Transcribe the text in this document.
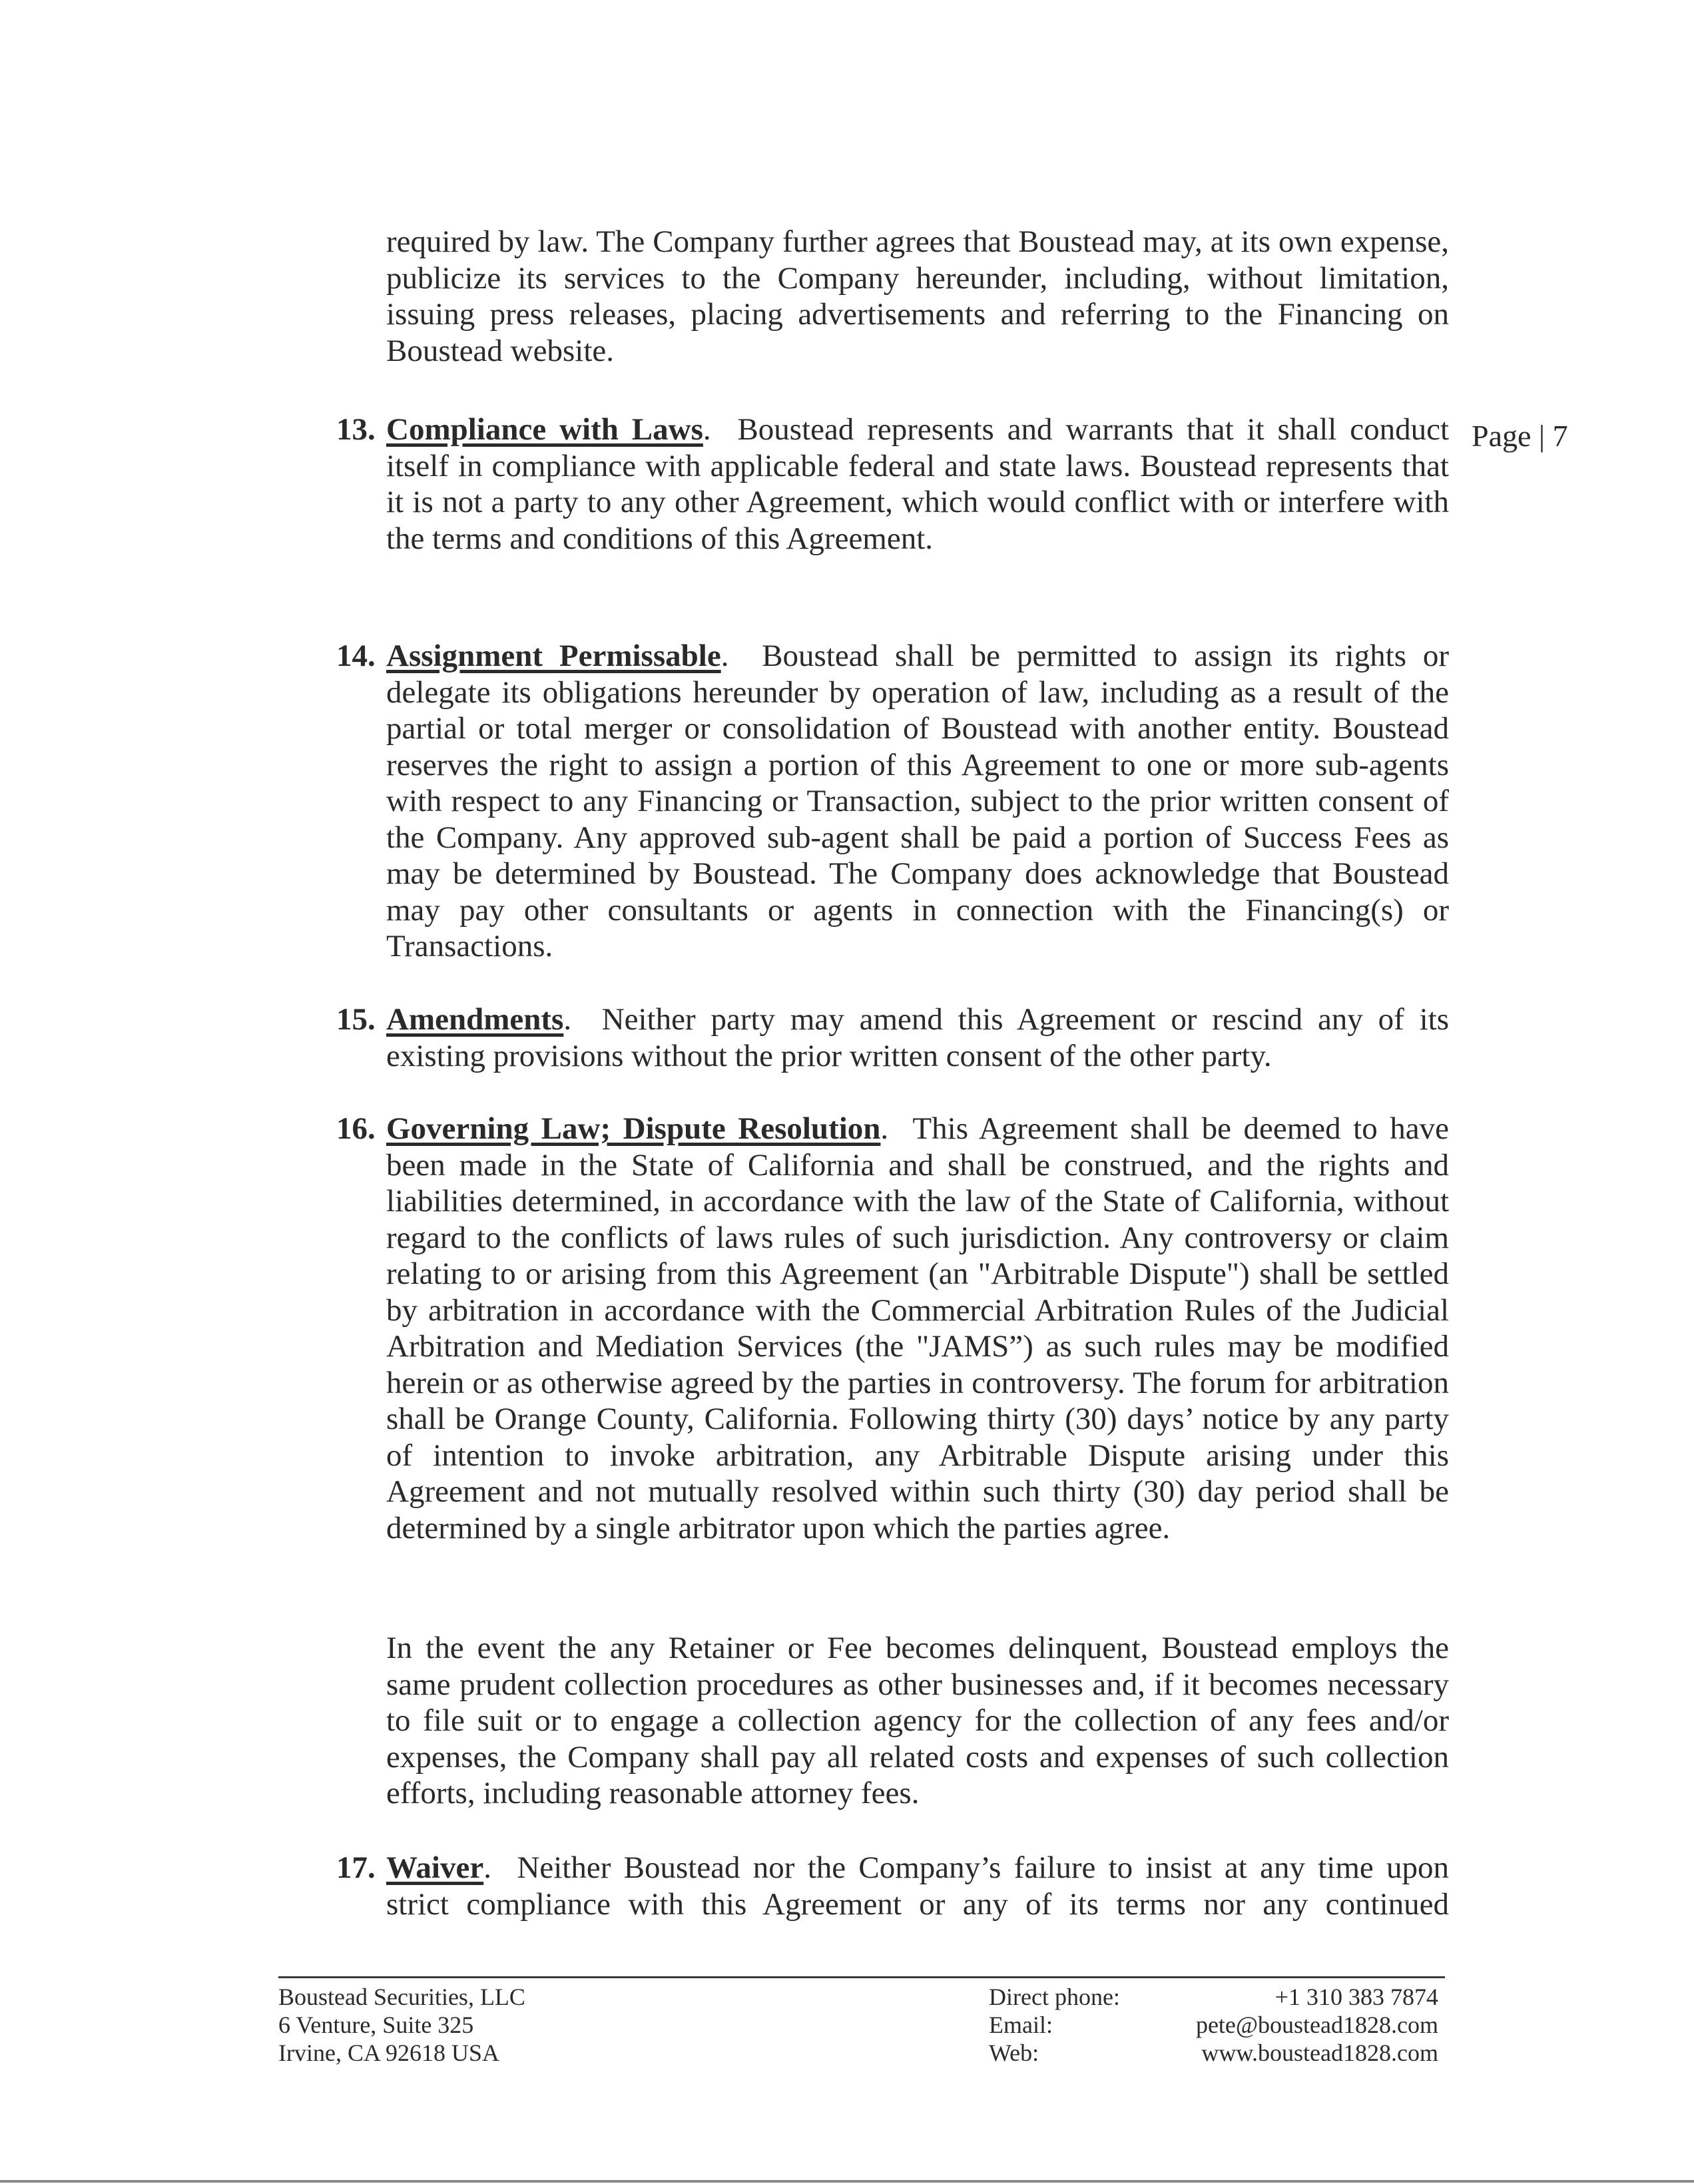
required by law. The Company further agrees that Boustead may, at its own expense, publicize its services to the Company hereunder, including, without limitation, issuing press releases, placing advertisements and referring to the Financing on Boustead website.
Page | 7
13. Compliance with Laws. Boustead represents and warrants that it shall conduct itself in compliance with applicable federal and state laws. Boustead represents that it is not a party to any other Agreement, which would conflict with or interfere with the terms and conditions of this Agreement.
14. Assignment Permissable. Boustead shall be permitted to assign its rights or delegate its obligations hereunder by operation of law, including as a result of the partial or total merger or consolidation of Boustead with another entity. Boustead reserves the right to assign a portion of this Agreement to one or more sub-agents with respect to any Financing or Transaction, subject to the prior written consent of the Company. Any approved sub-agent shall be paid a portion of Success Fees as may be determined by Boustead. The Company does acknowledge that Boustead may pay other consultants or agents in connection with the Financing(s) or Transactions.
15. Amendments. Neither party may amend this Agreement or rescind any of its existing provisions without the prior written consent of the other party.
16. Governing Law; Dispute Resolution. This Agreement shall be deemed to have been made in the State of California and shall be construed, and the rights and liabilities determined, in accordance with the law of the State of California, without regard to the conflicts of laws rules of such jurisdiction. Any controversy or claim relating to or arising from this Agreement (an "Arbitrable Dispute") shall be settled by arbitration in accordance with the Commercial Arbitration Rules of the Judicial Arbitration and Mediation Services (the "JAMS”) as such rules may be modified herein or as otherwise agreed by the parties in controversy. The forum for arbitration shall be Orange County, California. Following thirty (30) days’ notice by any party of intention to invoke arbitration, any Arbitrable Dispute arising under this Agreement and not mutually resolved within such thirty (30) day period shall be determined by a single arbitrator upon which the parties agree.
In the event the any Retainer or Fee becomes delinquent, Boustead employs the same prudent collection procedures as other businesses and, if it becomes necessary to file suit or to engage a collection agency for the collection of any fees and/or expenses, the Company shall pay all related costs and expenses of such collection efforts, including reasonable attorney fees.
17. Waiver. Neither Boustead nor the Company’s failure to insist at any time upon strict compliance with this Agreement or any of its terms nor any continued
Boustead Securities, LLC
6 Venture, Suite 325
Irvine, CA 92618 USA
Direct phone:	+1 310 383 7874
Email:	pete@boustead1828.com
Web:	www.boustead1828.com
